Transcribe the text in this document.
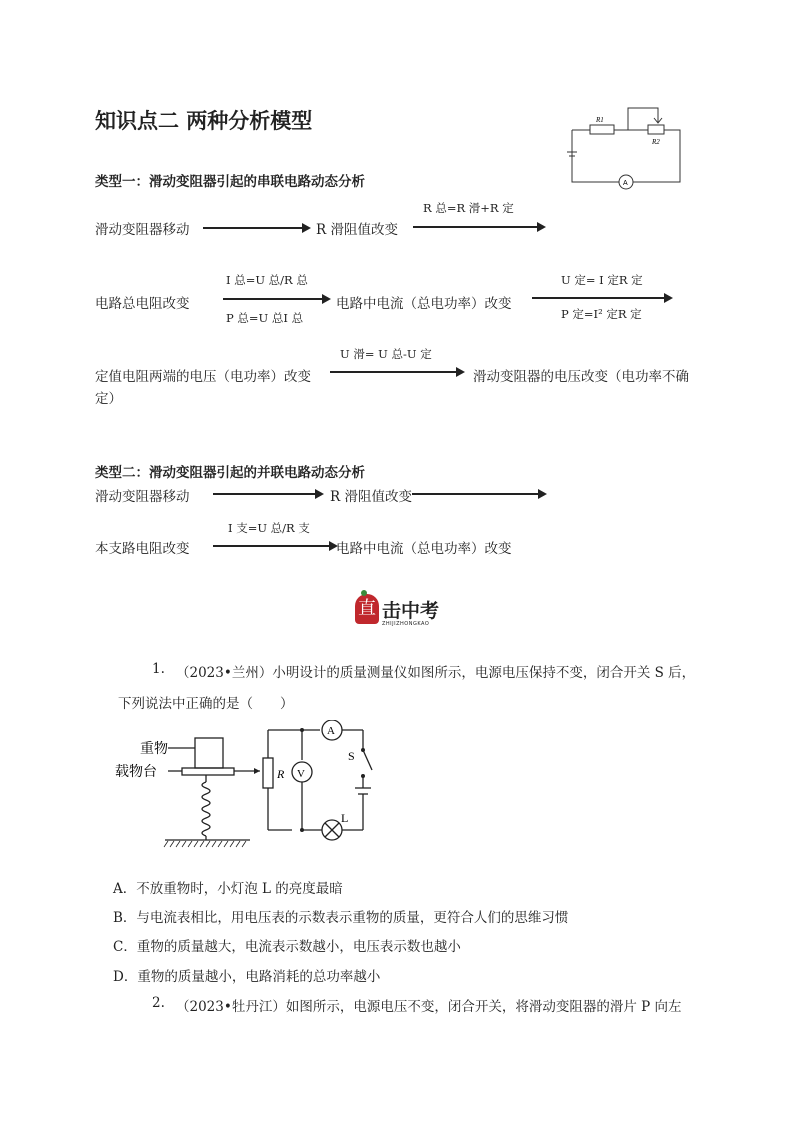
知识点二 两种分析模型	R1
R2
A
类型一：滑动变阻器引起的串联电路动态分析
滑动变阻器移动	R 滑阻值改变
R 总=R 滑+R 定
I 总=U 总/R 总
电路总电阻改变
P 总=U 总I 总
电路中电流（总电功率）改变
U 定= I 定R 定
P 定=I² 定R 定
U 滑= U 总-U 定
定值电阻两端的电压（电功率）改变	滑动变阻器的电压改变（电功率不确
定）
类型二：滑动变阻器引起的并联电路动态分析
滑动变阻器移动	R 滑阻值改变
I 支=U 总/R 支
本支路电阻改变	电路中电流（总电功率）改变
直 击中考
ZHIJIZHONGKAO
1. （2023•兰州）小明设计的质量测量仪如图所示，电源电压保持不变，闭合开关 S 后，
下列说法中正确的是（　　）
重物
载物台	R V
A
S
L
A．不放重物时，小灯泡 L 的亮度最暗
B．与电流表相比，用电压表的示数表示重物的质量，更符合人们的思维习惯
C．重物的质量越大，电流表示数越小，电压表示数也越小
D．重物的质量越小，电路消耗的总功率越小
2. （2023•牡丹江）如图所示，电源电压不变，闭合开关，将滑动变阻器的滑片 P 向左
